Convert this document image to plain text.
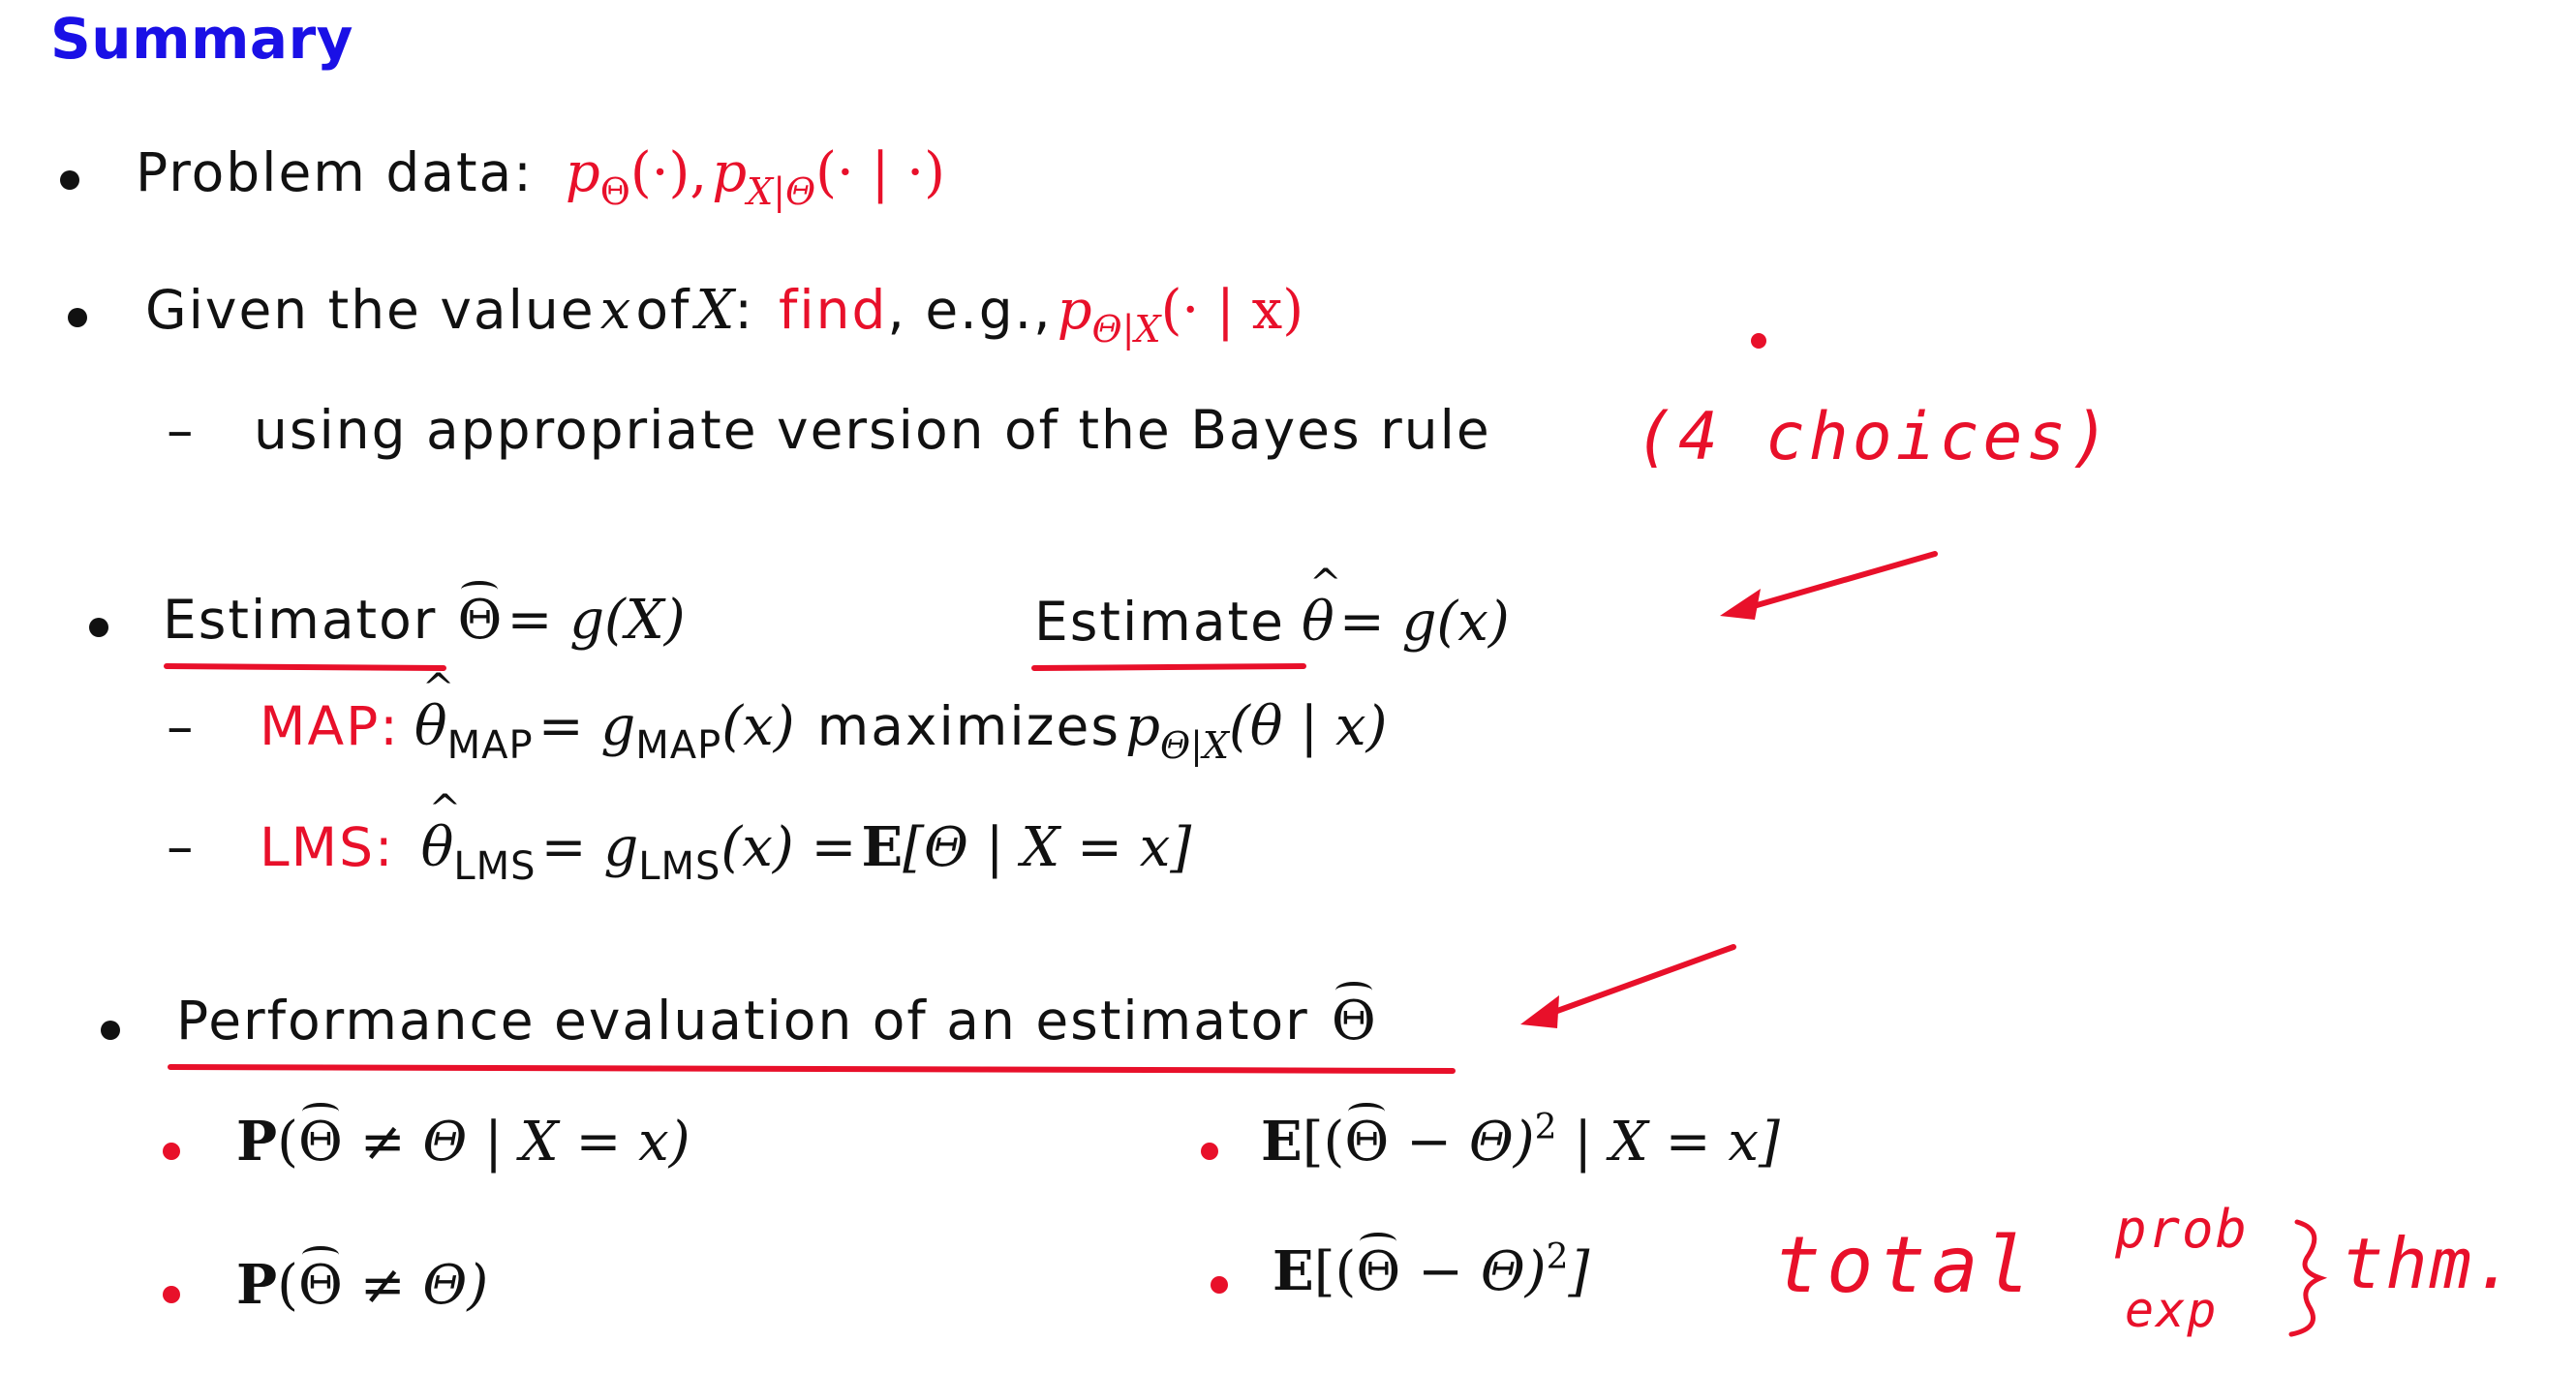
Summary
Problem data: $p_\Theta(\cdot)$, $p_{X|\Theta}(\cdot$ | ·)
Given the value x of X: find, e.g., $p_{\Theta|X}(\cdot$ | x)
– using appropriate version of the Bayes rule
Estimator Θ = g(X)	Estimate ^ θ = g(x)
– MAP: ^ θMAP = gMAP(x) maximizes $p_{\Theta|X}(\theta$ | x)
– LMS: ^ θLMS = gLMS(x) = E[Θ | X = x]
Performance evaluation of an estimator Θ
P(Θ ≠ Θ | X = x)	$E[(\Theta - \Theta)^2$ | X = x]
P(Θ ≠ Θ)	$E[(\Theta - \Theta)^2]$
(4 choices)
total prob
exp
thm.
